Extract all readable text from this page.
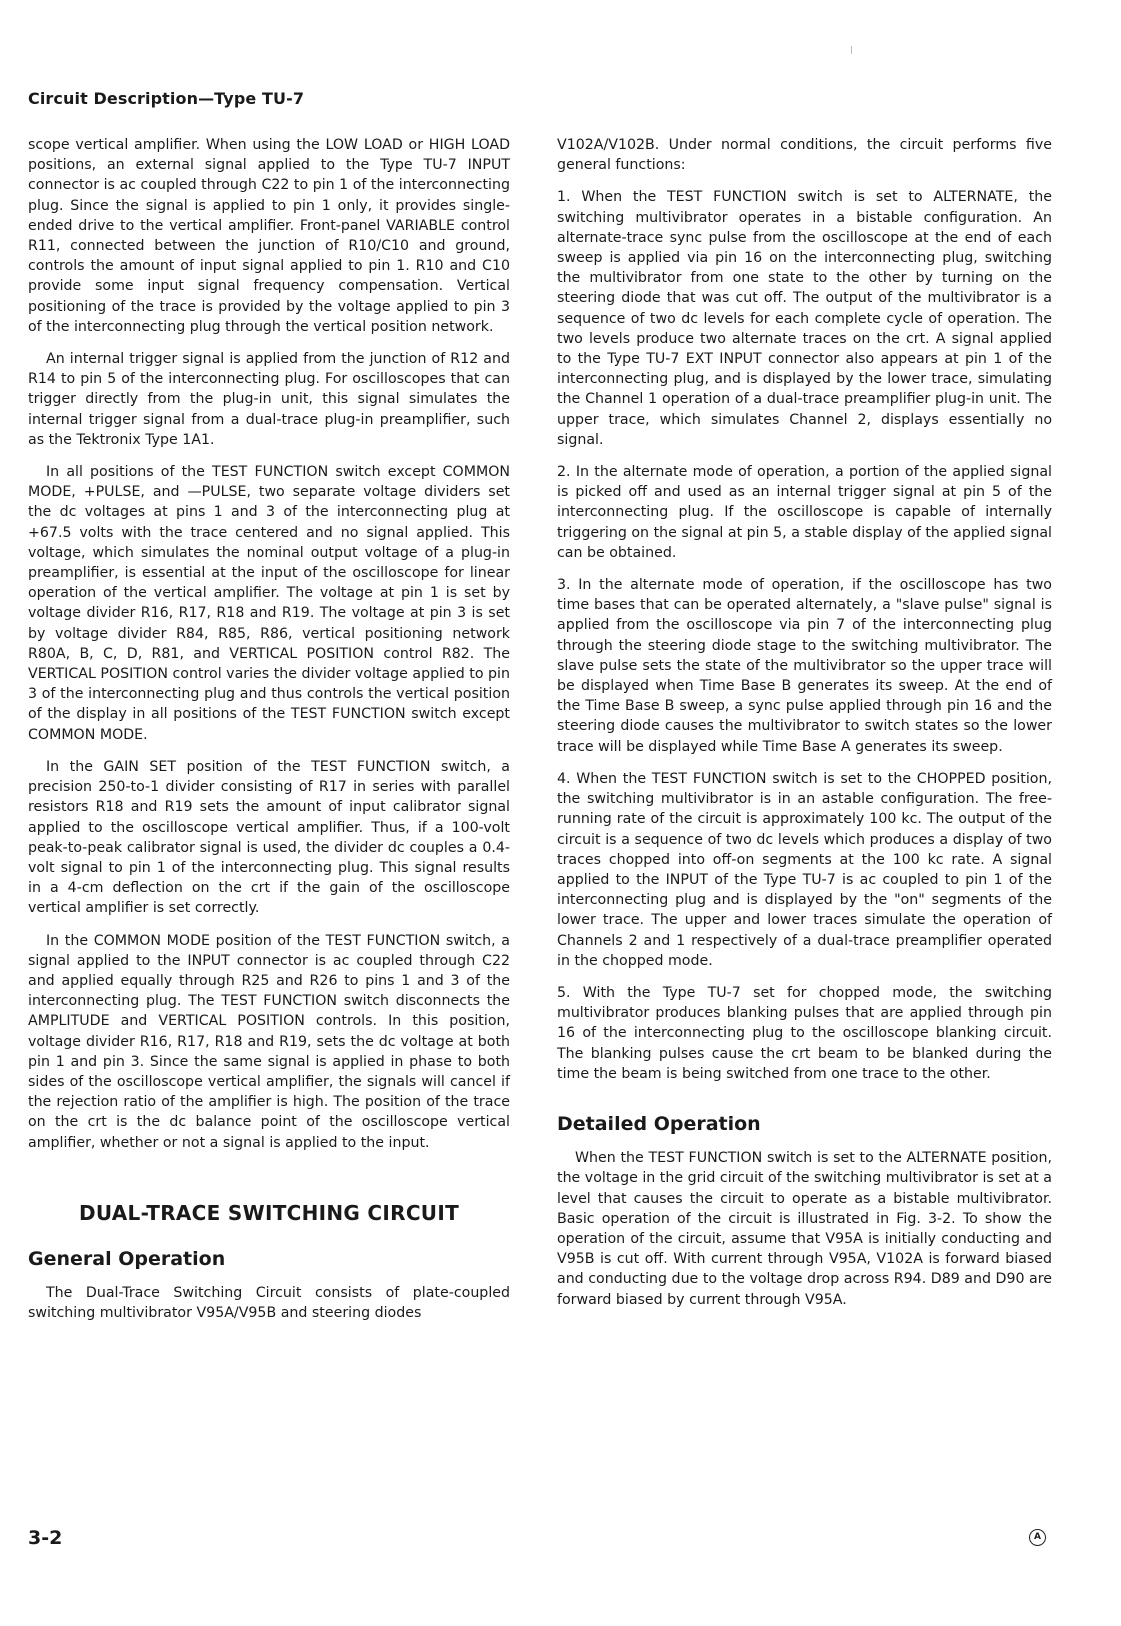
Circuit Description—Type TU-7

scope vertical amplifier. When using the LOW LOAD or HIGH LOAD positions, an external signal applied to the Type TU-7 INPUT connector is ac coupled through C22 to pin 1 of the interconnecting plug. Since the signal is applied to pin 1 only, it provides single-ended drive to the vertical amplifier. Front-panel VARIABLE control R11, connected between the junction of R10/C10 and ground, controls the amount of input signal applied to pin 1. R10 and C10 provide some input signal frequency compensation. Vertical positioning of the trace is provided by the voltage applied to pin 3 of the interconnecting plug through the vertical position network.

An internal trigger signal is applied from the junction of R12 and R14 to pin 5 of the interconnecting plug. For oscilloscopes that can trigger directly from the plug-in unit, this signal simulates the internal trigger signal from a dual-trace plug-in preamplifier, such as the Tektronix Type 1A1.

In all positions of the TEST FUNCTION switch except COMMON MODE, +PULSE, and —PULSE, two separate voltage dividers set the dc voltages at pins 1 and 3 of the interconnecting plug at +67.5 volts with the trace centered and no signal applied. This voltage, which simulates the nominal output voltage of a plug-in preamplifier, is essential at the input of the oscilloscope for linear operation of the vertical amplifier. The voltage at pin 1 is set by voltage divider R16, R17, R18 and R19. The voltage at pin 3 is set by voltage divider R84, R85, R86, vertical positioning network R80A, B, C, D, R81, and VERTICAL POSITION control R82. The VERTICAL POSITION control varies the divider voltage applied to pin 3 of the interconnecting plug and thus controls the vertical position of the display in all positions of the TEST FUNCTION switch except COMMON MODE.

In the GAIN SET position of the TEST FUNCTION switch, a precision 250-to-1 divider consisting of R17 in series with parallel resistors R18 and R19 sets the amount of input calibrator signal applied to the oscilloscope vertical amplifier. Thus, if a 100-volt peak-to-peak calibrator signal is used, the divider dc couples a 0.4-volt signal to pin 1 of the interconnecting plug. This signal results in a 4-cm deflection on the crt if the gain of the oscilloscope vertical amplifier is set correctly.

In the COMMON MODE position of the TEST FUNCTION switch, a signal applied to the INPUT connector is ac coupled through C22 and applied equally through R25 and R26 to pins 1 and 3 of the interconnecting plug. The TEST FUNCTION switch disconnects the AMPLITUDE and VERTICAL POSITION controls. In this position, voltage divider R16, R17, R18 and R19, sets the dc voltage at both pin 1 and pin 3. Since the same signal is applied in phase to both sides of the oscilloscope vertical amplifier, the signals will cancel if the rejection ratio of the amplifier is high. The position of the trace on the crt is the dc balance point of the oscilloscope vertical amplifier, whether or not a signal is applied to the input.

DUAL-TRACE SWITCHING CIRCUIT
General Operation

The Dual-Trace Switching Circuit consists of plate-coupled switching multivibrator V95A/V95B and steering diodes

V102A/V102B. Under normal conditions, the circuit performs five general functions:

1. When the TEST FUNCTION switch is set to ALTERNATE, the switching multivibrator operates in a bistable configuration. An alternate-trace sync pulse from the oscilloscope at the end of each sweep is applied via pin 16 on the interconnecting plug, switching the multivibrator from one state to the other by turning on the steering diode that was cut off. The output of the multivibrator is a sequence of two dc levels for each complete cycle of operation. The two levels produce two alternate traces on the crt. A signal applied to the Type TU-7 EXT INPUT connector also appears at pin 1 of the interconnecting plug, and is displayed by the lower trace, simulating the Channel 1 operation of a dual-trace preamplifier plug-in unit. The upper trace, which simulates Channel 2, displays essentially no signal.

2. In the alternate mode of operation, a portion of the applied signal is picked off and used as an internal trigger signal at pin 5 of the interconnecting plug. If the oscilloscope is capable of internally triggering on the signal at pin 5, a stable display of the applied signal can be obtained.

3. In the alternate mode of operation, if the oscilloscope has two time bases that can be operated alternately, a "slave pulse" signal is applied from the oscilloscope via pin 7 of the interconnecting plug through the steering diode stage to the switching multivibrator. The slave pulse sets the state of the multivibrator so the upper trace will be displayed when Time Base B generates its sweep. At the end of the Time Base B sweep, a sync pulse applied through pin 16 and the steering diode causes the multivibrator to switch states so the lower trace will be displayed while Time Base A generates its sweep.

4. When the TEST FUNCTION switch is set to the CHOPPED position, the switching multivibrator is in an astable configuration. The free-running rate of the circuit is approximately 100 kc. The output of the circuit is a sequence of two dc levels which produces a display of two traces chopped into off-on segments at the 100 kc rate. A signal applied to the INPUT of the Type TU-7 is ac coupled to pin 1 of the interconnecting plug and is displayed by the "on" segments of the lower trace. The upper and lower traces simulate the operation of Channels 2 and 1 respectively of a dual-trace preamplifier operated in the chopped mode.

5. With the Type TU-7 set for chopped mode, the switching multivibrator produces blanking pulses that are applied through pin 16 of the interconnecting plug to the oscilloscope blanking circuit. The blanking pulses cause the crt beam to be blanked during the time the beam is being switched from one trace to the other.

Detailed Operation

When the TEST FUNCTION switch is set to the ALTERNATE position, the voltage in the grid circuit of the switching multivibrator is set at a level that causes the circuit to operate as a bistable multivibrator. Basic operation of the circuit is illustrated in Fig. 3-2. To show the operation of the circuit, assume that V95A is initially conducting and V95B is cut off. With current through V95A, V102A is forward biased and conducting due to the voltage drop across R94. D89 and D90 are forward biased by current through V95A.

3-2	A
